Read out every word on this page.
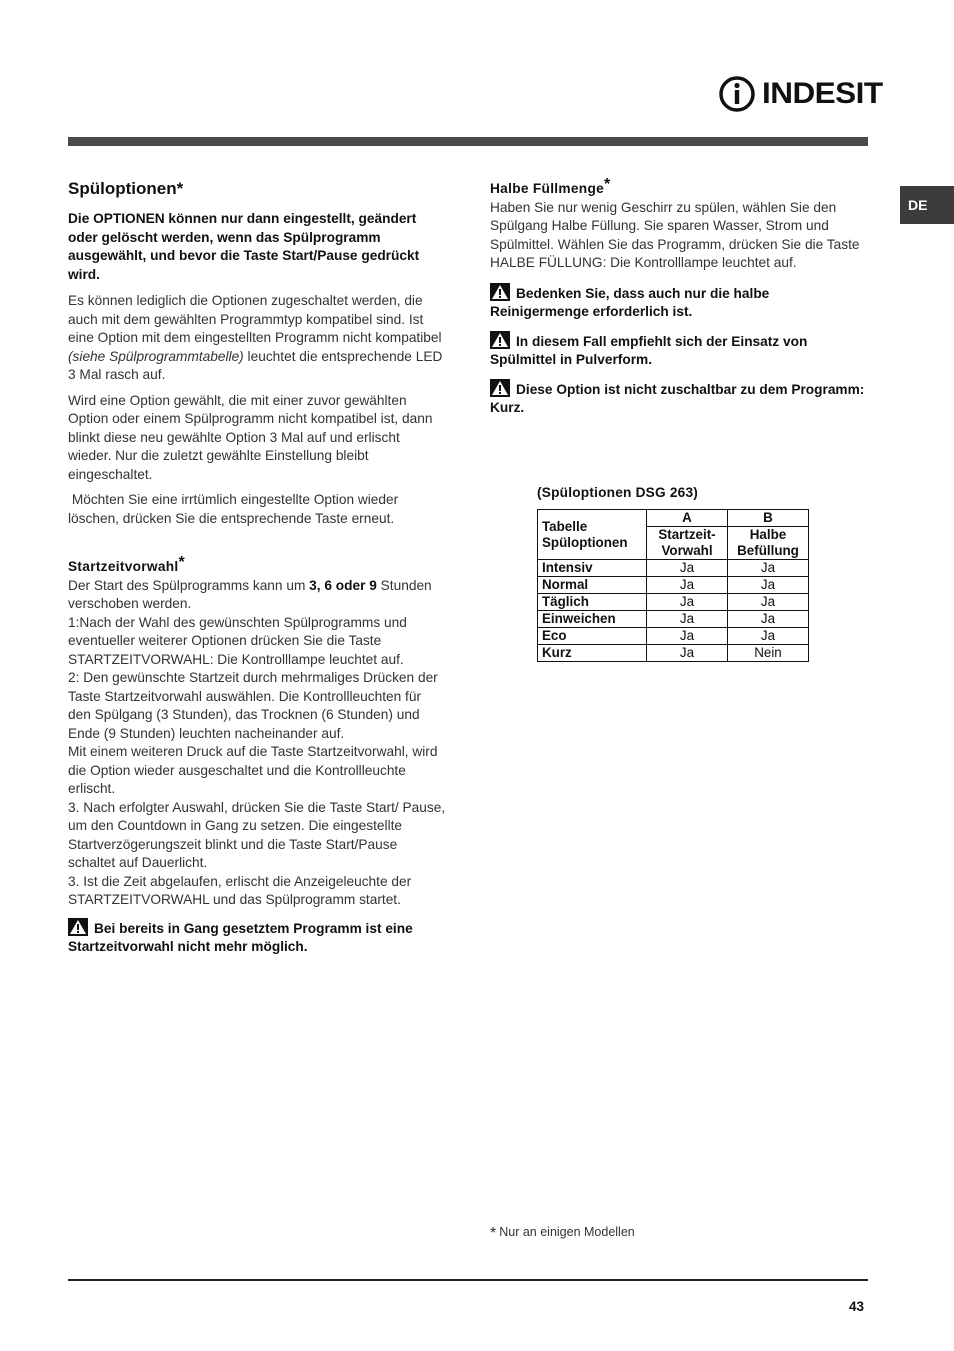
INDESIT
DE
Spüloptionen*

Die OPTIONEN können nur dann eingestellt, geändert oder gelöscht werden, wenn das Spülprogramm ausgewählt, und bevor die Taste Start/Pause gedrückt wird.

Es können lediglich die Optionen zugeschaltet werden, die auch mit dem gewählten Programmtyp kompatibel sind. Ist eine Option mit dem eingestellten Programm nicht kompatibel (siehe Spülprogrammtabelle) leuchtet die entsprechende LED 3 Mal rasch auf.

Wird eine Option gewählt, die mit einer zuvor gewählten Option oder einem Spülprogramm nicht kompatibel ist, dann blinkt diese neu gewählte Option 3 Mal auf und erlischt wieder. Nur die zuletzt gewählte Einstellung bleibt eingeschaltet.

Möchten Sie eine irrtümlich eingestellte Option wieder löschen, drücken Sie die entsprechende Taste erneut.

Startzeitvorwahl*

Der Start des Spülprogramms kann um 3, 6 oder 9 Stunden verschoben werden.

1:Nach der Wahl des gewünschten Spülprogramms und eventueller weiterer Optionen drücken Sie die Taste STARTZEITVORWAHL: Die Kontrolllampe leuchtet auf.

2: Den gewünschte Startzeit durch mehrmaliges Drücken der Taste Startzeitvorwahl auswählen. Die Kontrollleuchten für den Spülgang (3 Stunden), das Trocknen (6 Stunden) und Ende (9 Stunden) leuchten nacheinander auf.

Mit einem weiteren Druck auf die Taste Startzeitvorwahl, wird die Option wieder ausgeschaltet und die Kontrollleuchte erlischt.

3. Nach erfolgter Auswahl, drücken Sie die Taste Start/ Pause, um den Countdown in Gang zu setzen. Die eingestellte Startverzögerungszeit blinkt und die Taste Start/Pause schaltet auf Dauerlicht.

3. Ist die Zeit abgelaufen, erlischt die Anzeigeleuchte der STARTZEITVORWAHL und das Spülprogramm startet.

Bei bereits in Gang gesetztem Programm ist eine Startzeitvorwahl nicht mehr möglich.

Halbe Füllmenge*

Haben Sie nur wenig Geschirr zu spülen, wählen Sie den Spülgang Halbe Füllung. Sie sparen Wasser, Strom und Spülmittel. Wählen Sie das Programm, drücken Sie die Taste HALBE FÜLLUNG: Die Kontrolllampe leuchtet auf.

Bedenken Sie, dass auch nur die halbe Reinigermenge erforderlich ist.

In diesem Fall empfiehlt sich der Einsatz von Spülmittel in Pulverform.

Diese Option ist nicht zuschaltbar zu dem Programm: Kurz.

(Spüloptionen DSG 263)
Tabelle Spüloptionen	A	B
	Startzeit-Vorwahl	Halbe Befüllung
Intensiv	Ja	Ja
Normal	Ja	Ja
Täglich	Ja	Ja
Einweichen	Ja	Ja
Eco	Ja	Ja
Kurz	Ja	Nein
* Nur an einigen Modellen
43
